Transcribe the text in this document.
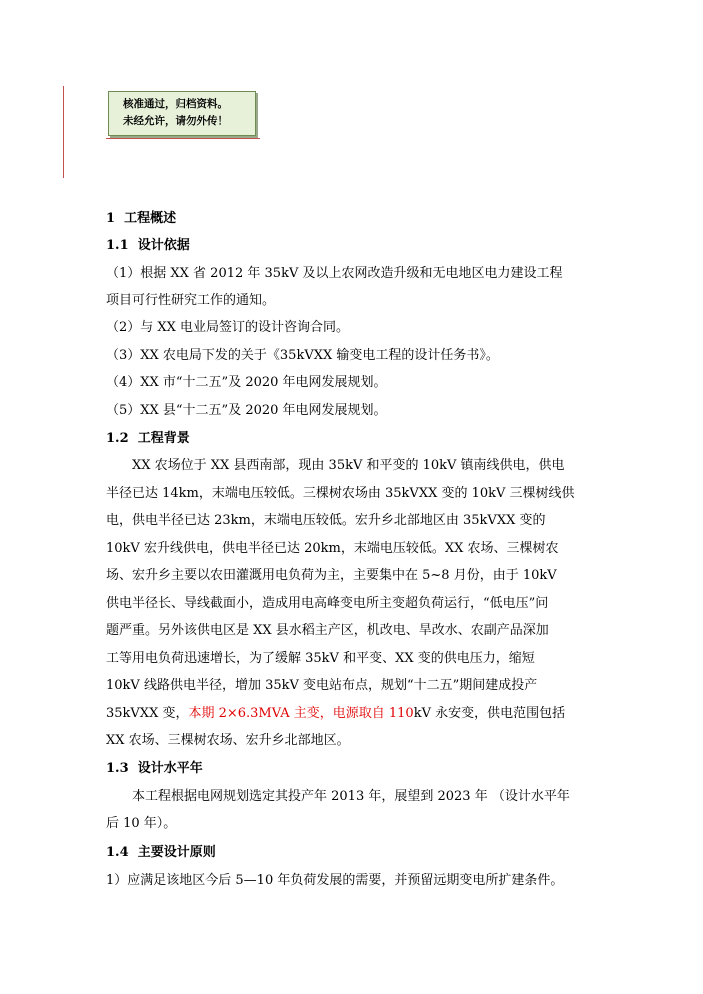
核准通过，归档资料。
未经允许，请勿外传！
1 工程概述
1.1 设计依据
（1）根据 XX 省 2012 年 35kV 及以上农网改造升级和无电地区电力建设工程
项目可行性研究工作的通知。
（2）与 XX 电业局签订的设计咨询合同。
（3）XX 农电局下发的关于《35kVXX 输变电工程的设计任务书》。
（4）XX 市“十二五”及 2020 年电网发展规划。
（5）XX 县“十二五”及 2020 年电网发展规划。
1.2 工程背景
XX 农场位于 XX 县西南部，现由 35kV 和平变的 10kV 镇南线供电，供电
半径已达 14km，末端电压较低。三棵树农场由 35kVXX 变的 10kV 三棵树线供
电，供电半径已达 23km，末端电压较低。宏升乡北部地区由 35kVXX 变的
10kV 宏升线供电，供电半径已达 20km，末端电压较低。XX 农场、三棵树农
场、宏升乡主要以农田灌溉用电负荷为主，主要集中在 5~8 月份，由于 10kV
供电半径长、导线截面小，造成用电高峰变电所主变超负荷运行，“低电压”问
题严重。另外该供电区是 XX 县水稻主产区，机改电、旱改水、农副产品深加
工等用电负荷迅速增长，为了缓解 35kV 和平变、XX 变的供电压力，缩短
10kV 线路供电半径，增加 35kV 变电站布点，规划“十二五”期间建成投产
35kVXX 变，本期 2×6.3MVA 主变，电源取自 110kV 永安变，供电范围包括
XX 农场、三棵树农场、宏升乡北部地区。
1.3 设计水平年
本工程根据电网规划选定其投产年 2013 年，展望到 2023 年 （设计水平年
后 10 年）。
1.4 主要设计原则
1）应满足该地区今后 5—10 年负荷发展的需要，并预留远期变电所扩建条件。
